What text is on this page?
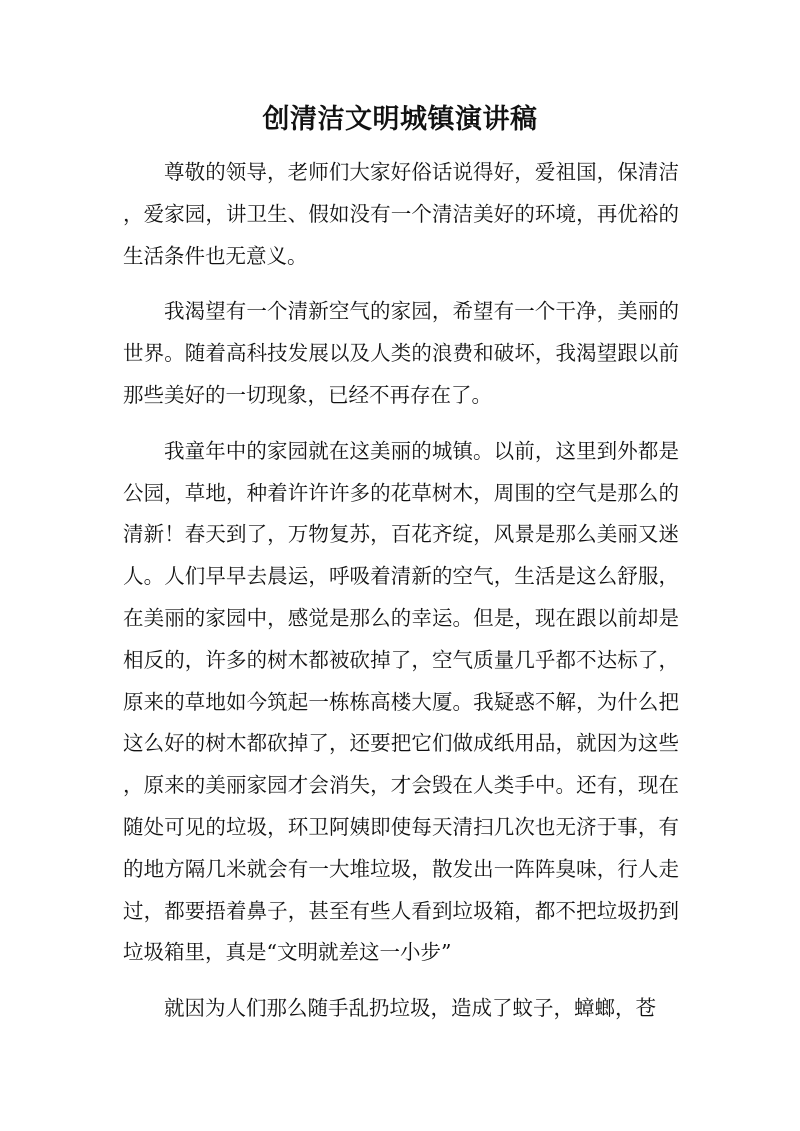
创清洁文明城镇演讲稿

尊敬的领导，老师们大家好俗话说得好，爱祖国，保清洁，爱家园，讲卫生、假如没有一个清洁美好的环境，再优裕的生活条件也无意义。

我渴望有一个清新空气的家园，希望有一个干净，美丽的世界。随着高科技发展以及人类的浪费和破坏，我渴望跟以前那些美好的一切现象，已经不再存在了。

我童年中的家园就在这美丽的城镇。以前，这里到外都是公园，草地，种着许许许多的花草树木，周围的空气是那么的清新！春天到了，万物复苏，百花齐绽，风景是那么美丽又迷人。人们早早去晨运，呼吸着清新的空气，生活是这么舒服，在美丽的家园中，感觉是那么的幸运。但是，现在跟以前却是相反的，许多的树木都被砍掉了，空气质量几乎都不达标了，原来的草地如今筑起一栋栋高楼大厦。我疑惑不解，为什么把这么好的树木都砍掉了，还要把它们做成纸用品，就因为这些，原来的美丽家园才会消失，才会毁在人类手中。还有，现在随处可见的垃圾，环卫阿姨即使每天清扫几次也无济于事，有的地方隔几米就会有一大堆垃圾，散发出一阵阵臭味，行人走过，都要捂着鼻子，甚至有些人看到垃圾箱，都不把垃圾扔到垃圾箱里，真是“文明就差这一小步”

就因为人们那么随手乱扔垃圾，造成了蚊子，蟑螂，苍
